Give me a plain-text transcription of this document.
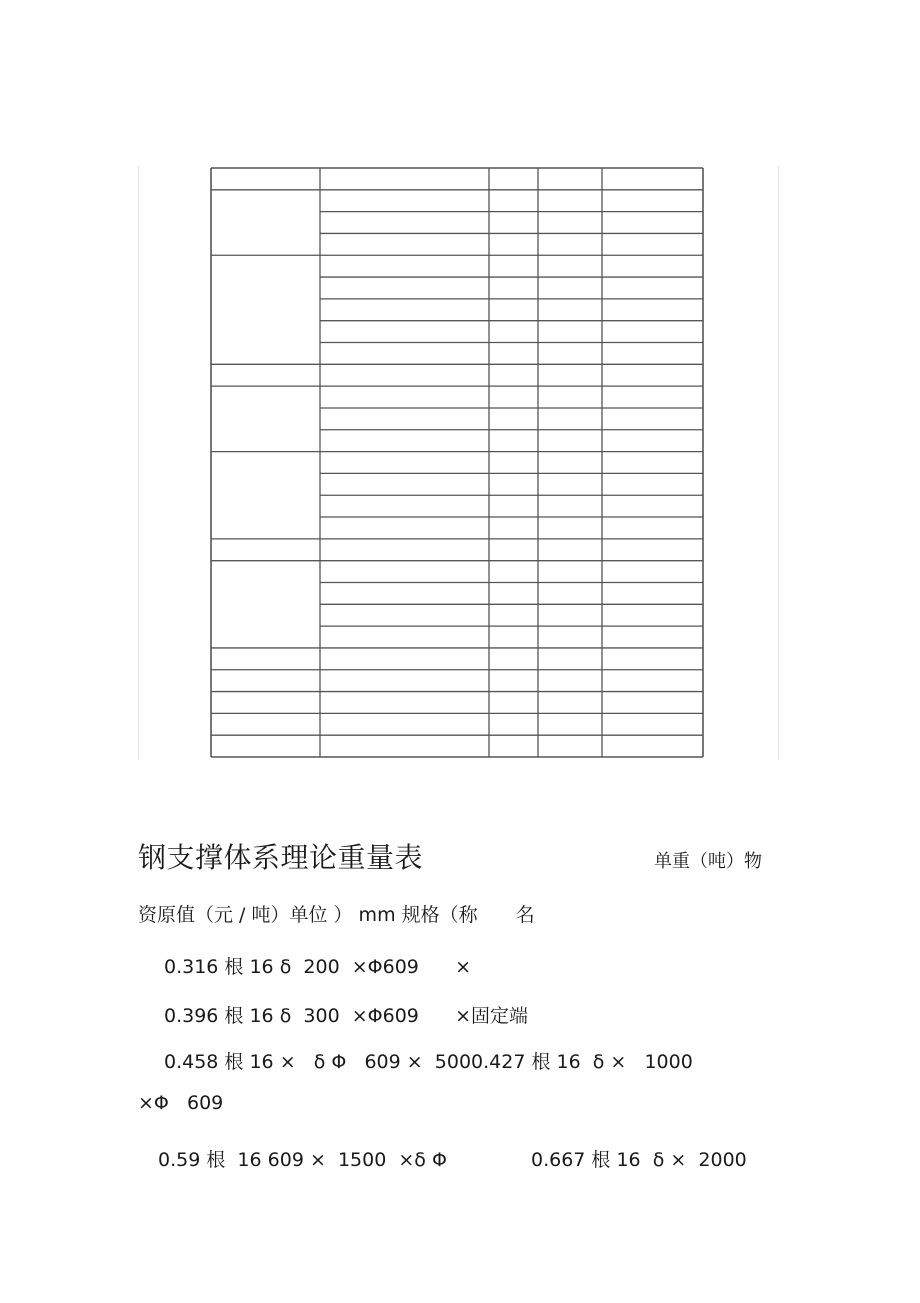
钢支撑体系理论重量表	单重（吨）物
资原值（元 / 吨）单位 ） mm 规格（称　　名
0.316 根 16 δ  200  ×Φ609      ×
0.396 根 16 δ  300  ×Φ609      ×固定端
0.458 根 16 ×   δ Φ   609 ×  5000.427 根 16  δ ×   1000
×Φ   609
0.59 根  16 609 ×  1500  ×δ Φ	0.667 根 16  δ ×  2000
